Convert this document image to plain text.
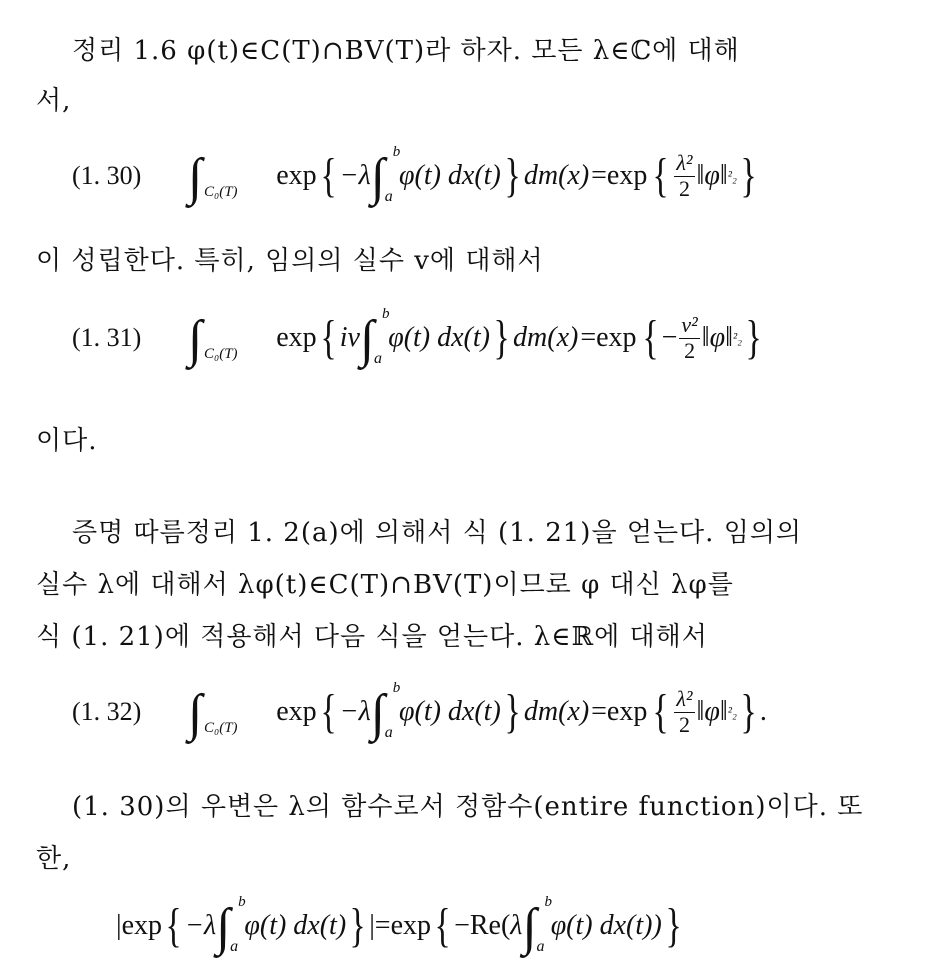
정리 1.6 φ(t)∈C(T)∩BV(T)라 하자. 모든 λ∈ℂ에 대해
서,
(1. 30) ∫ C₀(T)
exp { −λ ∫ b
a
φ(t) dx(t) } dm(x) =exp { $\frac{\text{λ²}}{2}$ ‖φ‖²₂ }
이 성립한다. 특히, 임의의 실수 v에 대해서
(1. 31) ∫ C₀(T)
exp { iv ∫ b
a
φ(t) dx(t) } dm(x) =exp { − $\frac{\text{v²}}{2}$ ‖φ‖²₂ }
이다.
증명 따름정리 1. 2(a)에 의해서 식 (1. 21)을 얻는다. 임의의
실수 λ에 대해서 λφ(t)∈C(T)∩BV(T)이므로 φ 대신 λφ를
식 (1. 21)에 적용해서 다음 식을 얻는다. λ∈ℝ에 대해서
(1. 32) ∫ C₀(T)
exp { −λ ∫ b
a
φ(t) dx(t) } dm(x) =exp { $\frac{\text{λ²}}{2}$ ‖φ‖²₂ } .
(1. 30)의 우변은 λ의 함수로서 정함수(entire function)이다. 또
한,
|exp { −λ ∫ b
a
φ(t) dx(t) } |=exp { −Re(λ ∫ b
a
φ(t) dx(t)) }
